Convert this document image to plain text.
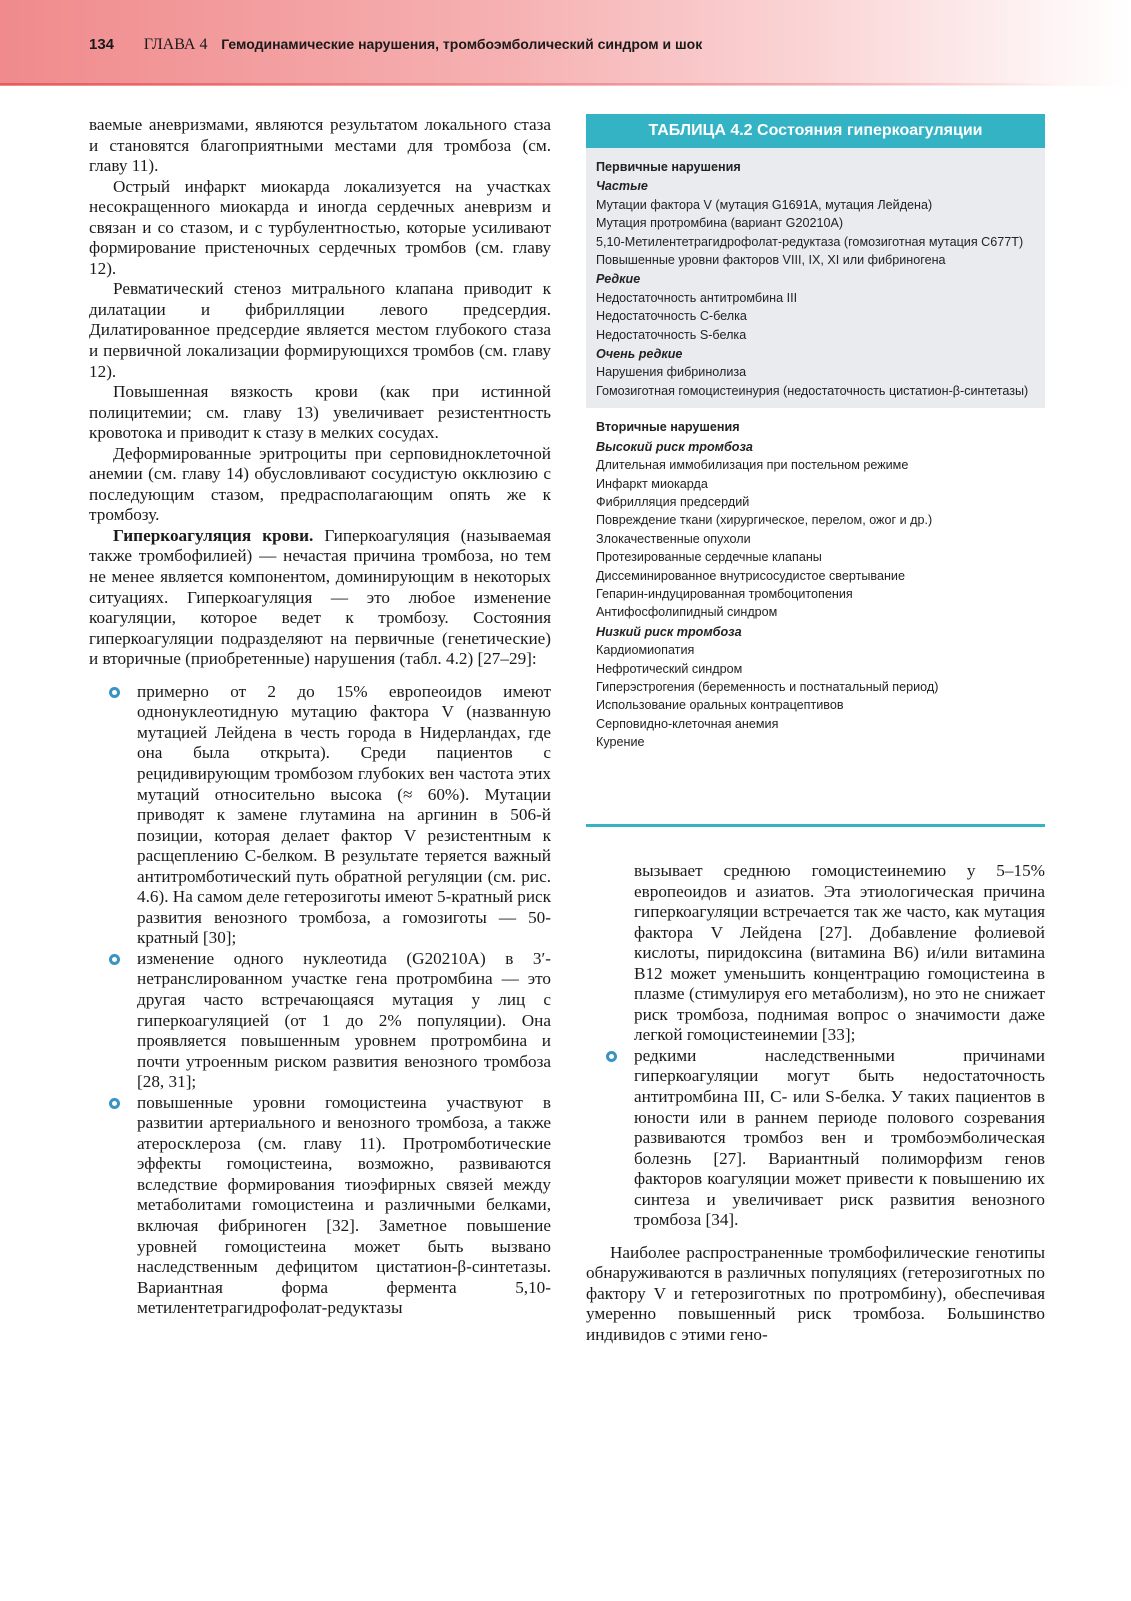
134 ГЛАВА 4 Гемодинамические нарушения, тромбоэмболический синдром и шок

ваемые аневризмами, являются результатом локального стаза и становятся благоприятными местами для тромбоза (см. главу 11).

Острый инфаркт миокарда локализуется на участках несокращенного миокарда и иногда сердечных аневризм и связан и со стазом, и с турбулентностью, которые усиливают формирование пристеночных сердечных тромбов (см. главу 12).

Ревматический стеноз митрального клапана приводит к дилатации и фибрилляции левого предсердия. Дилатированное предсердие является местом глубокого стаза и первичной локализации формирующихся тромбов (см. главу 12).

Повышенная вязкость крови (как при истинной полицитемии; см. главу 13) увеличивает резистентность кровотока и приводит к стазу в мелких сосудах.

Деформированные эритроциты при серповидноклеточной анемии (см. главу 14) обусловливают сосудистую окклюзию с последующим стазом, предрасполагающим опять же к тромбозу.

Гиперкоагуляция крови. Гиперкоагуляция (называемая также тромбофилией) — нечастая причина тромбоза, но тем не менее является компонентом, доминирующим в некоторых ситуациях. Гиперкоагуляция — это любое изменение коагуляции, которое ведет к тромбозу. Состояния гиперкоагуляции подразделяют на первичные (генетические) и вторичные (приобретенные) нарушения (табл. 4.2) [27–29]:

примерно от 2 до 15% европеоидов имеют однонуклеотидную мутацию фактора V (названную мутацией Лейдена в честь города в Нидерландах, где она была открыта). Среди пациентов с рецидивирующим тромбозом глубоких вен частота этих мутаций относительно высока (≈ 60%). Мутации приводят к замене глутамина на аргинин в 506-й позиции, которая делает фактор V резистентным к расщеплению C-белком. В результате теряется важный антитромботический путь обратной регуляции (см. рис. 4.6). На самом деле гетерозиготы имеют 5-кратный риск развития венозного тромбоза, а гомозиготы — 50-кратный [30];

изменение одного нуклеотида (G20210A) в 3′-нетранслированном участке гена протромбина — это другая часто встречающаяся мутация у лиц с гиперкоагуляцией (от 1 до 2% популяции). Она проявляется повышенным уровнем протромбина и почти утроенным риском развития венозного тромбоза [28, 31];

повышенные уровни гомоцистеина участвуют в развитии артериального и венозного тромбоза, а также атеросклероза (см. главу 11). Протромботические эффекты гомоцистеина, возможно, развиваются вследствие формирования тиоэфирных связей между метаболитами гомоцистеина и различными белками, включая фибриноген [32]. Заметное повышение уровней гомоцистеина может быть вызвано наследственным дефицитом цистатион-β-синтетазы. Вариантная форма фермента 5,10-метилентетрагидрофолат-редуктазы

ТАБЛИЦА 4.2 Состояния гиперкоагуляции
Первичные нарушения
Частые
Мутации фактора V (мутация G1691A, мутация Лейдена)
Мутация протромбина (вариант G20210A)
5,10-Метилентетрагидрофолат-редуктаза (гомозиготная мутация C677T)
Повышенные уровни факторов VIII, IX, XI или фибриногена
Редкие
Недостаточность антитромбина III
Недостаточность C-белка
Недостаточность S-белка
Очень редкие
Нарушения фибринолиза
Гомозиготная гомоцистеинурия (недостаточность цистатион-β-синтетазы)
Вторичные нарушения
Высокий риск тромбоза
Длительная иммобилизация при постельном режиме
Инфаркт миокарда
Фибрилляция предсердий
Повреждение ткани (хирургическое, перелом, ожог и др.)
Злокачественные опухоли
Протезированные сердечные клапаны
Диссеминированное внутрисосудистое свертывание
Гепарин-индуцированная тромбоцитопения
Антифосфолипидный синдром
Низкий риск тромбоза
Кардиомиопатия
Нефротический синдром
Гиперэстрогения (беременность и постнатальный период)
Использование оральных контрацептивов
Серповидно-клеточная анемия
Курение

вызывает среднюю гомоцистеинемию у 5–15% европеоидов и азиатов. Эта этиологическая причина гиперкоагуляции встречается так же часто, как мутация фактора V Лейдена [27]. Добавление фолиевой кислоты, пиридоксина (витамина B6) и/или витамина B12 может уменьшить концентрацию гомоцистеина в плазме (стимулируя его метаболизм), но это не снижает риск тромбоза, поднимая вопрос о значимости даже легкой гомоцистеинемии [33];

редкими наследственными причинами гиперкоагуляции могут быть недостаточность антитромбина III, C- или S-белка. У таких пациентов в юности или в раннем периоде полового созревания развиваются тромбоз вен и тромбоэмболическая болезнь [27]. Вариантный полиморфизм генов факторов коагуляции может привести к повышению их синтеза и увеличивает риск развития венозного тромбоза [34].

Наиболее распространенные тромбофилические генотипы обнаруживаются в различных популяциях (гетерозиготных по фактору V и гетерозиготных по протромбину), обеспечивая умеренно повышенный риск тромбоза. Большинство индивидов с этими гено-
